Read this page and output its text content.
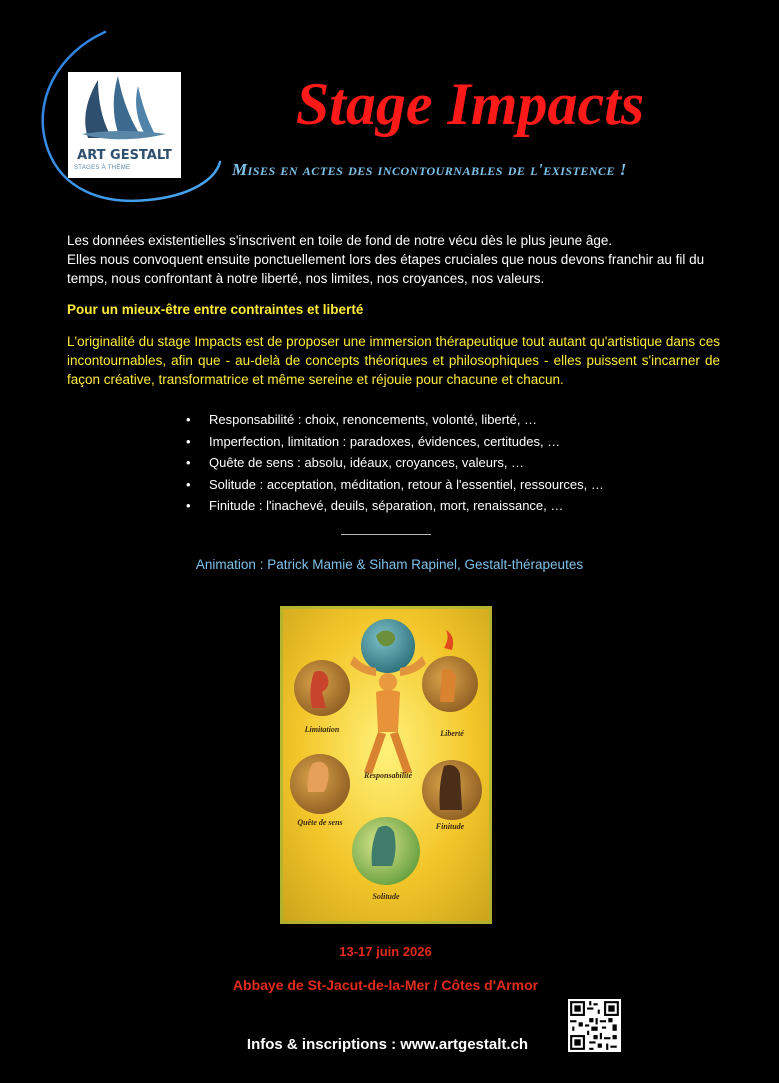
ART GESTALT
STAGES À THÈME
Stage Impacts

Mises en actes des incontournables de l'existence !

Les données existentielles s'inscrivent en toile de fond de notre vécu dès le plus jeune âge.

Elles nous convoquent ensuite ponctuellement lors des étapes cruciales que nous devons franchir au fil du temps, nous confrontant à notre liberté, nos limites, nos croyances, nos valeurs.

Pour un mieux-être entre contraintes et liberté

L'originalité du stage Impacts est de proposer une immersion thérapeutique tout autant qu'artistique dans ces incontournables, afin que - au-delà de concepts théoriques et philosophiques - elles puissent s'incarner de façon créative, transformatrice et même sereine et réjouie pour chacune et chacun.

• Responsabilité : choix, renoncements, volonté, liberté, …
• Imperfection, limitation : paradoxes, évidences, certitudes, …
• Quête de sens : absolu, idéaux, croyances, valeurs, …
• Solitude : acceptation, méditation, retour à l'essentiel, ressources, …
• Finitude : l'inachevé, deuils, séparation, mort, renaissance, …
Animation : Patrick Mamie & Siham Rapinel, Gestalt-thérapeutes
Limitation	Liberté
Responsabilité
Quête de sens	Finitude
Solitude
13-17 juin 2026
Abbaye de St-Jacut-de-la-Mer / Côtes d'Armor
Infos & inscriptions : www.artgestalt.ch
